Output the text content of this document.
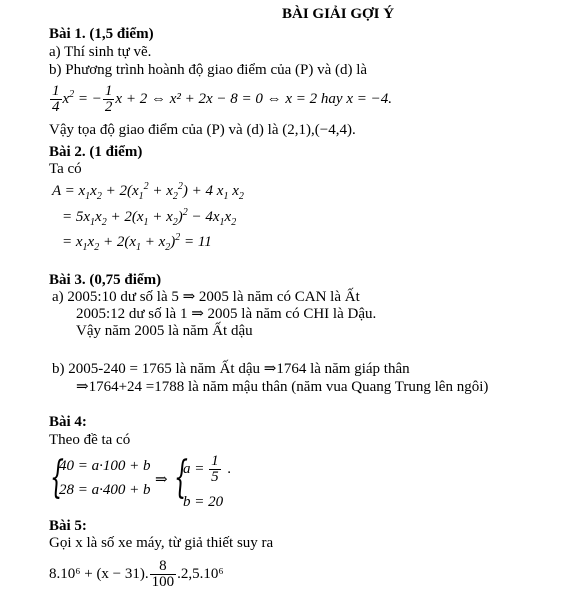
BÀI GIẢI GỢI Ý
Bài 1. (1,5 điểm)
a) Thí sinh tự vẽ.
b) Phương trình hoành độ giao điểm của (P) và (d) là
$\frac{1}{4} x^2$ = − $\frac{1}{2}$ x + 2 ⇔ x² + 2x − 8 = 0 ⇔ x = 2 hay x = −4.
Vậy tọa độ giao điểm của (P) và (d) là (2,1),(−4,4).
Bài 2. (1 điểm)
Ta có
$A = x_1x_2 + 2(x_1^2 + x_2^2) + 4$ $x_1$ $x_2$
= $5x_1x_2 + 2(x_1 + x_2)^2 - 4x_1x_2$
= $x_1x_2 + 2(x_1 + x_2)^2 = 11$
Bài 3. (0,75 điểm)
a) 2005:10 dư số là 5 ⇒ 2005 là năm có CAN là Ất
2005:12 dư số là 1 ⇒ 2005 là năm có CHI là Dậu.
Vậy năm 2005 là năm Ất dậu
b) 2005-240 = 1765 là năm Ất dậu ⇒1764 là năm giáp thân
⇒1764+24 =1788 là năm mậu thân (năm vua Quang Trung lên ngôi)
Bài 4:
Theo đề ta có
{
40 = a·100 + b
28 = a·400 + b
⇒ {
$a = \frac{1}{5}$ .
b = 20
Bài 5:
Gọi x là số xe máy, từ giả thiết suy ra
8.10⁶ + (x − 31). $\frac{8}{100} .2,5.10^6$
